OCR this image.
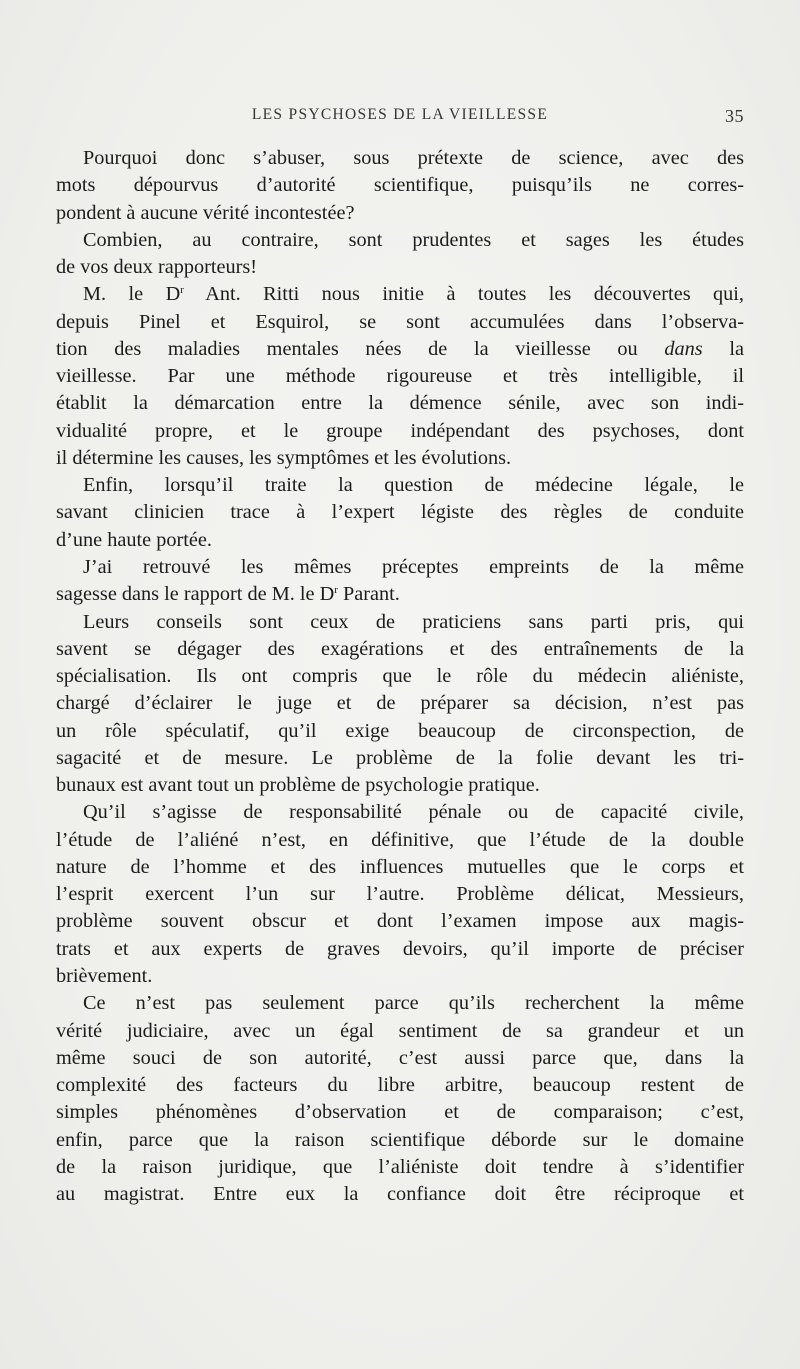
LES PSYCHOSES DE LA VIEILLESSE	35
Pourquoi donc s’abuser, sous prétexte de science, avec des
mots dépourvus d’autorité scientifique, puisqu’ils ne corres-
pondent à aucune vérité incontestée?
Combien, au contraire, sont prudentes et sages les études
de vos deux rapporteurs!
M. le $D^r$ Ant. Ritti nous initie à toutes les découvertes qui,
depuis Pinel et Esquirol, se sont accumulées dans l’observa-
tion des maladies mentales nées de la vieillesse ou dans la
vieillesse. Par une méthode rigoureuse et très intelligible, il
établit la démarcation entre la démence sénile, avec son indi-
vidualité propre, et le groupe indépendant des psychoses, dont
il détermine les causes, les symptômes et les évolutions.
Enfin, lorsqu’il traite la question de médecine légale, le
savant clinicien trace à l’expert légiste des règles de conduite
d’une haute portée.
J’ai retrouvé les mêmes préceptes empreints de la même
sagesse dans le rapport de M. le $D^r$ Parant.
Leurs conseils sont ceux de praticiens sans parti pris, qui
savent se dégager des exagérations et des entraînements de la
spécialisation. Ils ont compris que le rôle du médecin aliéniste,
chargé d’éclairer le juge et de préparer sa décision, n’est pas
un rôle spéculatif, qu’il exige beaucoup de circonspection, de
sagacité et de mesure. Le problème de la folie devant les tri-
bunaux est avant tout un problème de psychologie pratique.
Qu’il s’agisse de responsabilité pénale ou de capacité civile,
l’étude de l’aliéné n’est, en définitive, que l’étude de la double
nature de l’homme et des influences mutuelles que le corps et
l’esprit exercent l’un sur l’autre. Problème délicat, Messieurs,
problème souvent obscur et dont l’examen impose aux magis-
trats et aux experts de graves devoirs, qu’il importe de préciser
brièvement.
Ce n’est pas seulement parce qu’ils recherchent la même
vérité judiciaire, avec un égal sentiment de sa grandeur et un
même souci de son autorité, c’est aussi parce que, dans la
complexité des facteurs du libre arbitre, beaucoup restent de
simples phénomènes d’observation et de comparaison; c’est,
enfin, parce que la raison scientifique déborde sur le domaine
de la raison juridique, que l’aliéniste doit tendre à s’identifier
au magistrat. Entre eux la confiance doit être réciproque et
